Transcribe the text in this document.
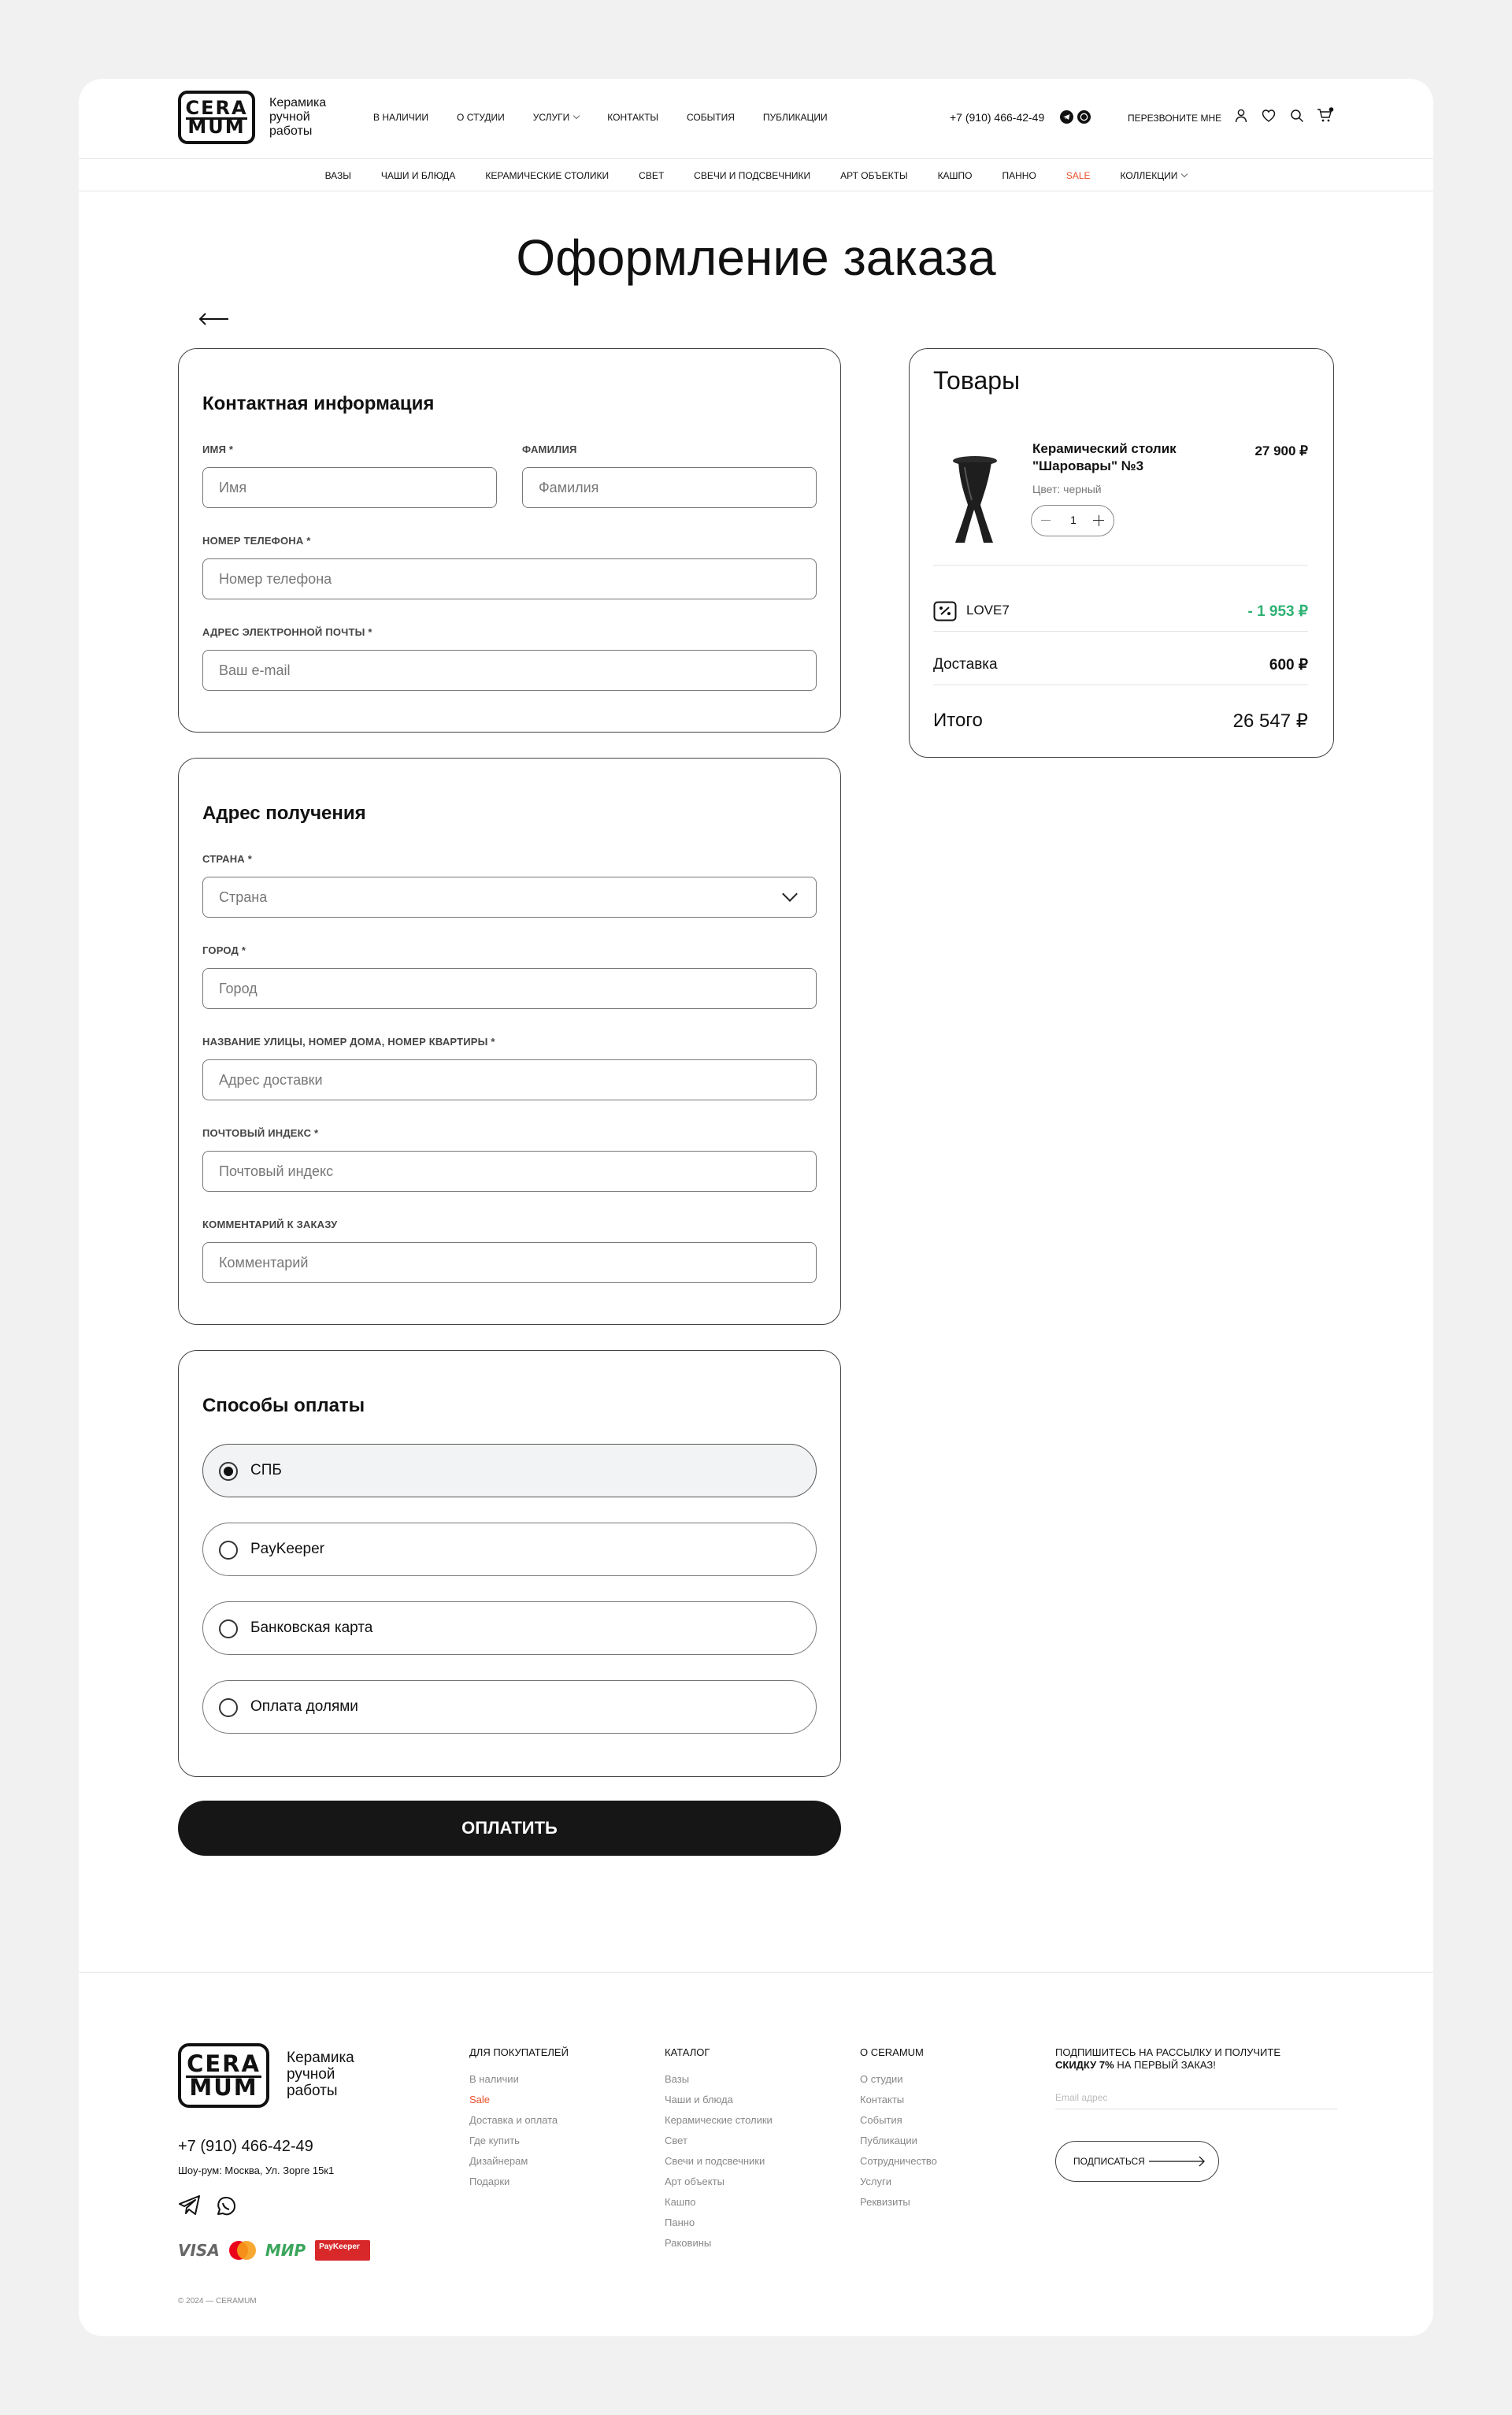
CERA
MUM
Керамика ручной работы
В НАЛИЧИИ	О СТУДИИ	УСЛУГИ	КОНТАКТЫ	СОБЫТИЯ	ПУБЛИКАЦИИ	+7 (910) 466-42-49	ПЕРЕЗВОНИТЕ МНЕ
ВАЗЫ	ЧАШИ И БЛЮДА	КЕРАМИЧЕСКИЕ СТОЛИКИ	СВЕТ	СВЕЧИ И ПОДСВЕЧНИКИ	АРТ ОБЪЕКТЫ	КАШПО	ПАННО	SALE	КОЛЛЕКЦИИ
Оформление заказа
Контактная информация
ИМЯ *
Имя
ФАМИЛИЯ
Фамилия
НОМЕР ТЕЛЕФОНА *
Номер телефона
АДРЕС ЭЛЕКТРОННОЙ ПОЧТЫ *
Ваш e-mail
Адрес получения
СТРАНА *
Страна
ГОРОД *
Город
НАЗВАНИЕ УЛИЦЫ, НОМЕР ДОМА, НОМЕР КВАРТИРЫ *
Адрес доставки
ПОЧТОВЫЙ ИНДЕКС *
Почтовый индекс
КОММЕНТАРИЙ К ЗАКАЗУ
Комментарий
Способы оплаты
СПБ
PayKeeper
Банковская карта
Оплата долями
ОПЛАТИТЬ
Товары
Керамический столик "Шаровары" №3
27 900 ₽
Цвет: черный
1
LOVE7	- 1 953 ₽
Доставка	600 ₽
Итого	26 547 ₽
CERA
MUM
Керамика ручной работы
+7 (910) 466-42-49
Шоу-рум: Москва, Ул. Зорге 15к1
VISA	МИР	PayKeeper
© 2024 — CERAMUM
ДЛЯ ПОКУПАТЕЛЕЙ
В наличии
Sale
Доставка и оплата
Где купить
Дизайнерам
Подарки
КАТАЛОГ
Вазы
Чаши и блюда
Керамические столики
Свет
Свечи и подсвечники
Арт объекты
Кашпо
Панно
Раковины
О CERAMUM
О студии
Контакты
События
Публикации
Сотрудничество
Услуги
Реквизиты
ПОДПИШИТЕСЬ НА РАССЫЛКУ И ПОЛУЧИТЕ СКИДКУ 7% НА ПЕРВЫЙ ЗАКАЗ!
Email адрес
ПОДПИСАТЬСЯ
